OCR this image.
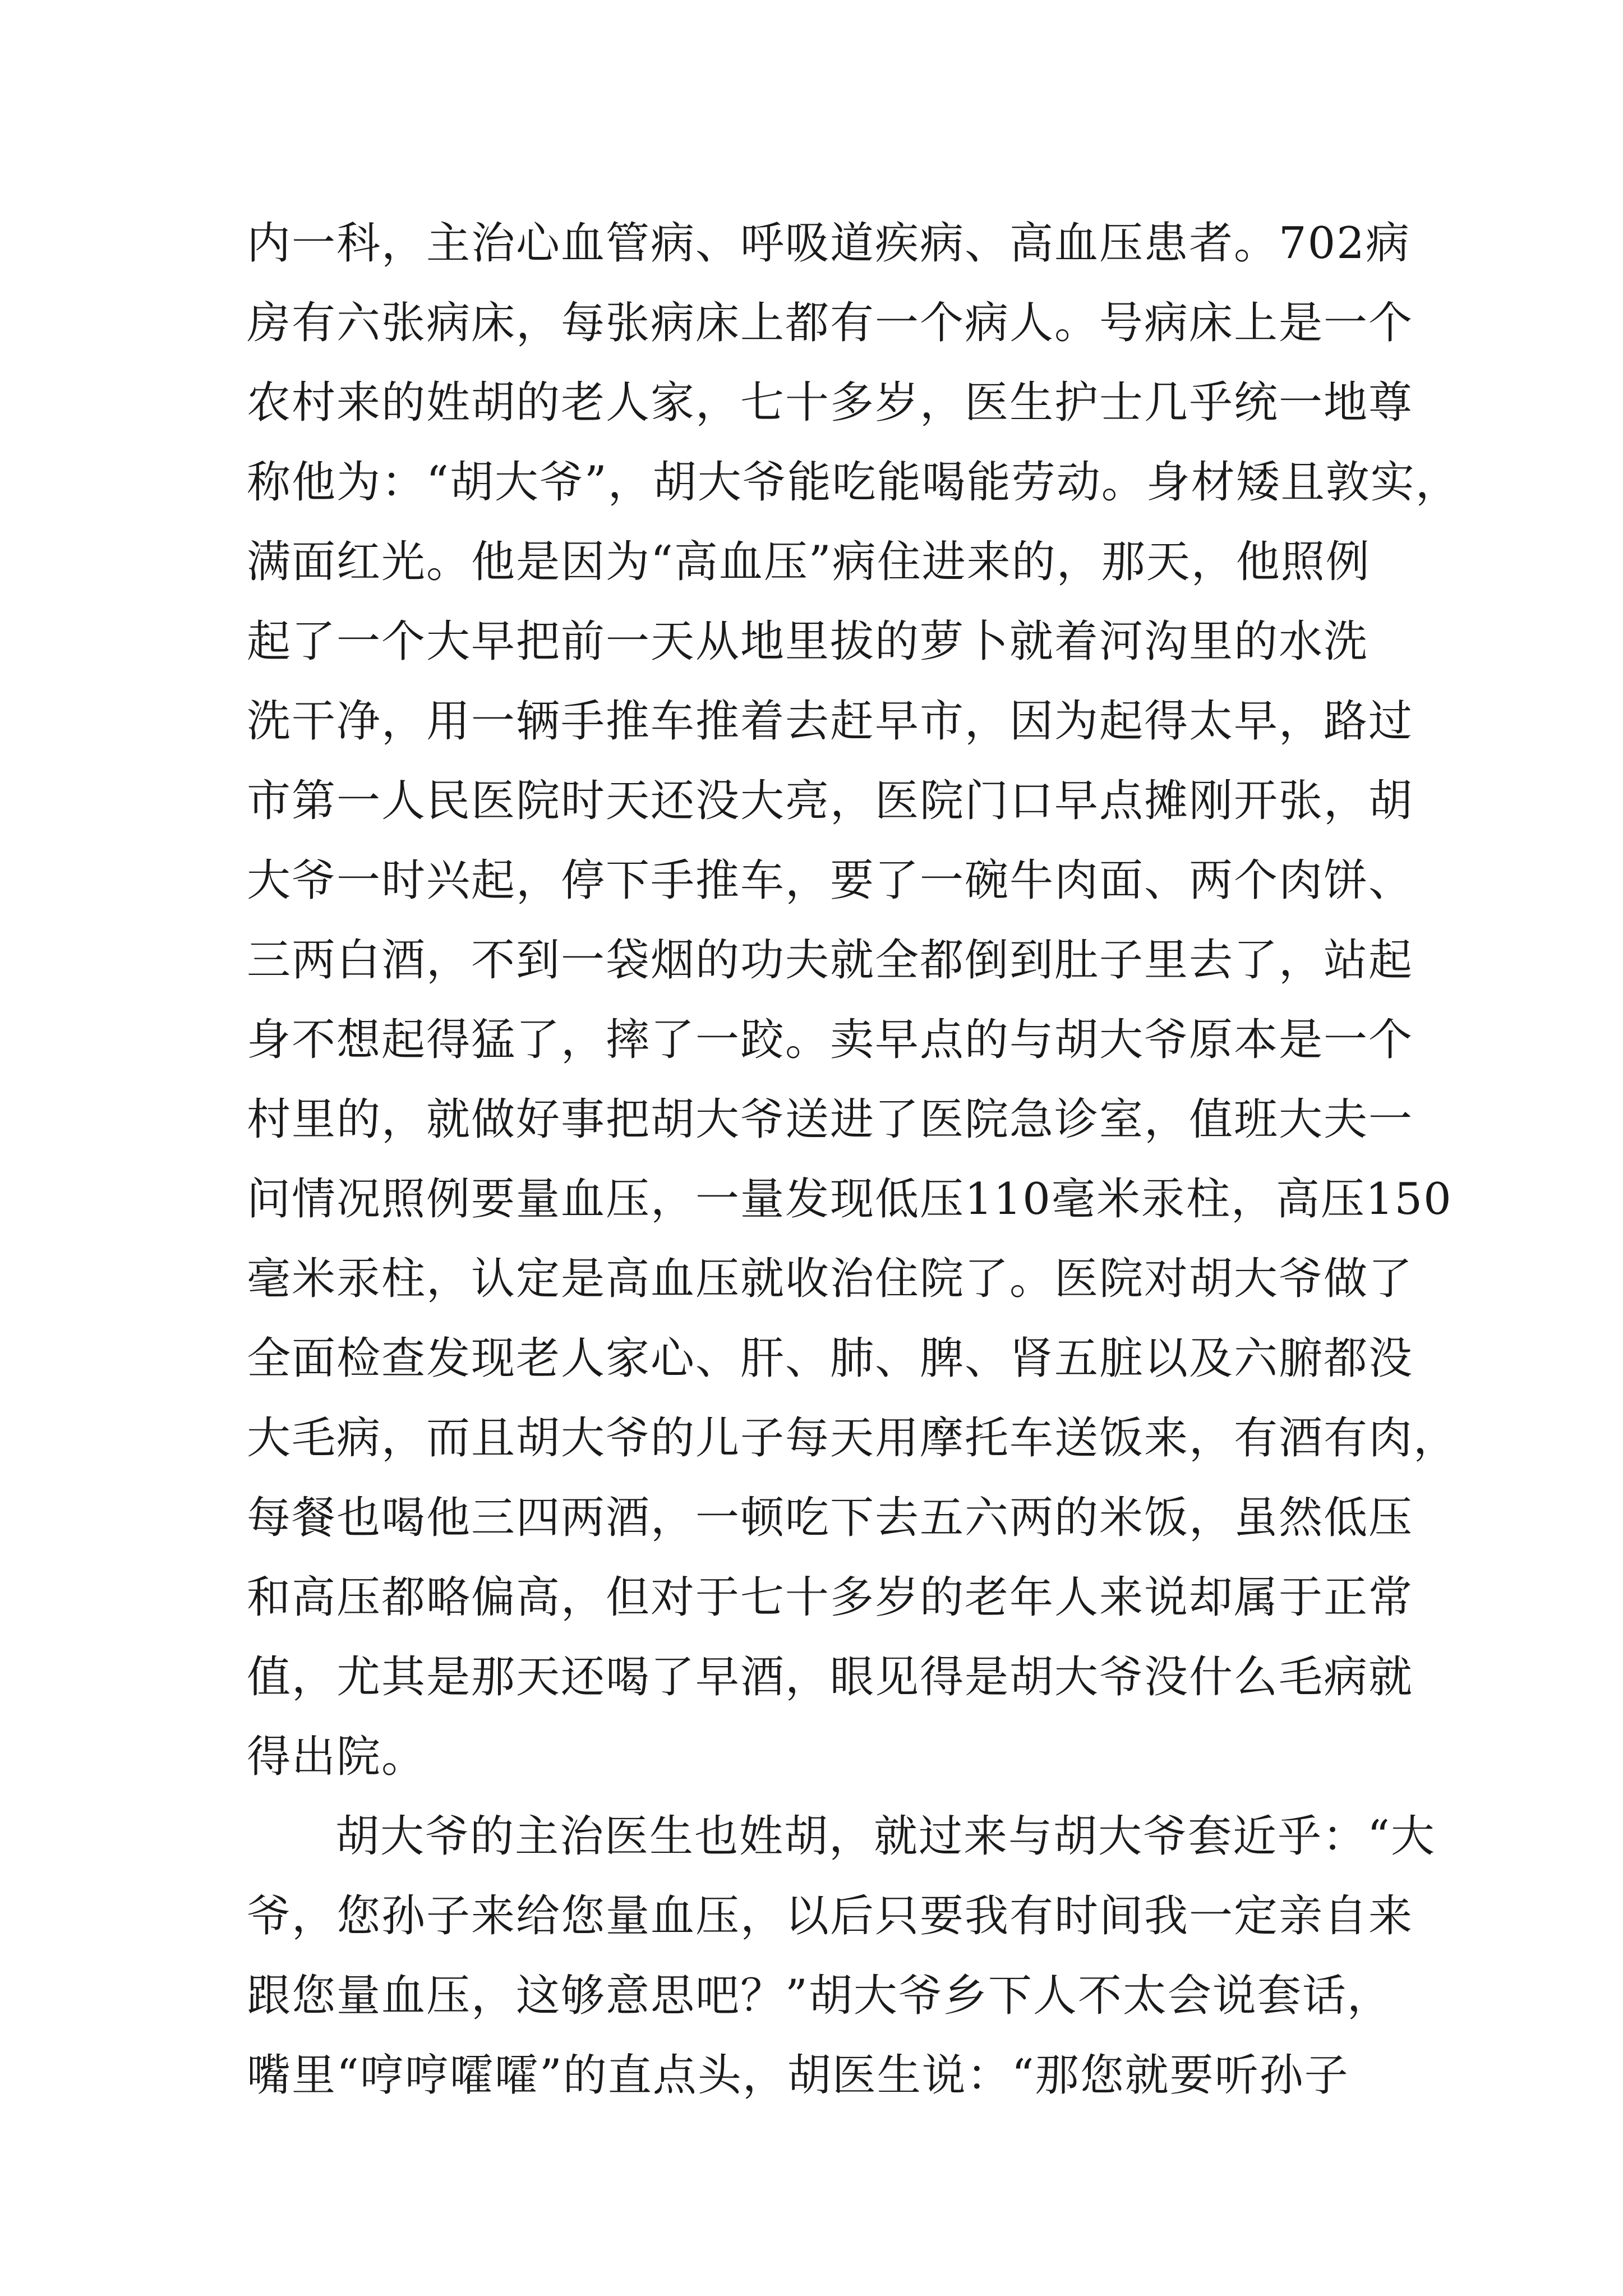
内一科，主治心血管病、呼吸道疾病、高血压患者。702病
房有六张病床，每张病床上都有一个病人。号病床上是一个
农村来的姓胡的老人家，七十多岁，医生护士几乎统一地尊
称他为：“胡大爷”，胡大爷能吃能喝能劳动。身材矮且敦实，
满面红光。他是因为“高血压”病住进来的，那天，他照例
起了一个大早把前一天从地里拔的萝卜就着河沟里的水洗
洗干净，用一辆手推车推着去赶早市，因为起得太早，路过
市第一人民医院时天还没大亮，医院门口早点摊刚开张，胡
大爷一时兴起，停下手推车，要了一碗牛肉面、两个肉饼、
三两白酒，不到一袋烟的功夫就全都倒到肚子里去了，站起
身不想起得猛了，摔了一跤。卖早点的与胡大爷原本是一个
村里的，就做好事把胡大爷送进了医院急诊室，值班大夫一
问情况照例要量血压，一量发现低压110毫米汞柱，高压150
毫米汞柱，认定是高血压就收治住院了。医院对胡大爷做了
全面检查发现老人家心、肝、肺、脾、肾五脏以及六腑都没
大毛病，而且胡大爷的儿子每天用摩托车送饭来，有酒有肉，
每餐也喝他三四两酒，一顿吃下去五六两的米饭，虽然低压
和高压都略偏高，但对于七十多岁的老年人来说却属于正常
值，尤其是那天还喝了早酒，眼见得是胡大爷没什么毛病就
得出院。
胡大爷的主治医生也姓胡，就过来与胡大爷套近乎：“大
爷，您孙子来给您量血压，以后只要我有时间我一定亲自来
跟您量血压，这够意思吧？”胡大爷乡下人不太会说套话，
嘴里“哼哼嚯嚯”的直点头，胡医生说：“那您就要听孙子
